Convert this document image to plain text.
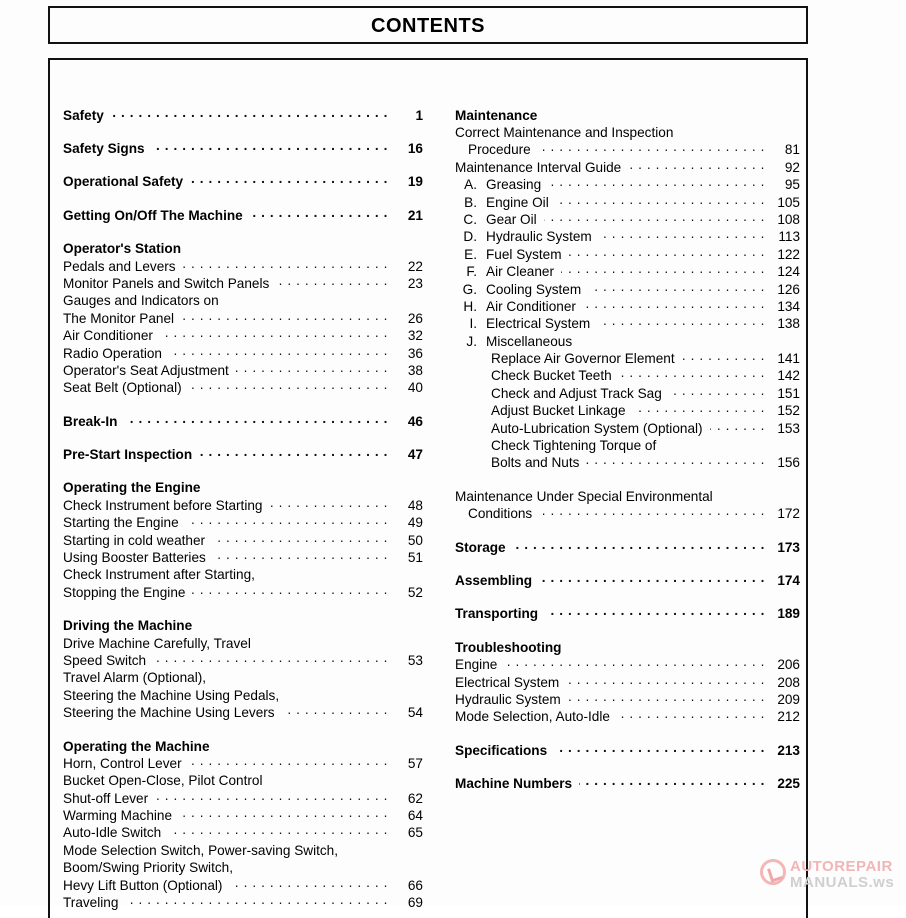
CONTENTS
Safety . . .	1
Safety Signs . . .	16
Operational Safety . . .	19
Getting On/Off The Machine . . .	21
Operator's Station
Pedals and Levers . . .	22
Monitor Panels and Switch Panels . . .	23
Gauges and Indicators on
The Monitor Panel . . .	26
Air Conditioner . . .	32
Radio Operation . . .	36
Operator's Seat Adjustment . . .	38
Seat Belt (Optional) . . .	40
Break-In . . .	46
Pre-Start Inspection . . .	47
Operating the Engine
Check Instrument before Starting . . .	48
Starting the Engine . . .	49
Starting in cold weather . . .	50
Using Booster Batteries . . .	51
Check Instrument after Starting,
Stopping the Engine . . .	52
Driving the Machine
Drive Machine Carefully, Travel
Speed Switch . . .	53
Travel Alarm (Optional),
Steering the Machine Using Pedals,
Steering the Machine Using Levers . . .	54
Operating the Machine
Horn, Control Lever . . .	57
Bucket Open-Close, Pilot Control
Shut-off Lever . . .	62
Warming Machine . . .	64
Auto-Idle Switch . . .	65
Mode Selection Switch, Power-saving Switch,
Boom/Swing Priority Switch,
Hevy Lift Button (Optional) . . .	66
Traveling . . .	69
Maintenance
Correct Maintenance and Inspection
Procedure . . .	81
Maintenance Interval Guide . . .	92
A. Greasing . . .	95
B. Engine Oil . . .	105
C. Gear Oil . . .	108
D. Hydraulic System . . .	113
E. Fuel System . . .	122
F. Air Cleaner . . .	124
G. Cooling System . . .	126
H. Air Conditioner . . .	134
I. Electrical System . . .	138
J. Miscellaneous
Replace Air Governor Element . . .	141
Check Bucket Teeth . . .	142
Check and Adjust Track Sag . . .	151
Adjust Bucket Linkage . . .	152
Auto-Lubrication System (Optional) . . .	153
Check Tightening Torque of
Bolts and Nuts . . .	156
Maintenance Under Special Environmental
Conditions . . .	172
Storage . . .	173
Assembling . . .	174
Transporting . . .	189
Troubleshooting
Engine . . .	206
Electrical System . . .	208
Hydraulic System . . .	209
Mode Selection, Auto-Idle . . .	212
Specifications . . .	213
Machine Numbers . . .	225
AUTOREPAIR
MANUALS.ws
